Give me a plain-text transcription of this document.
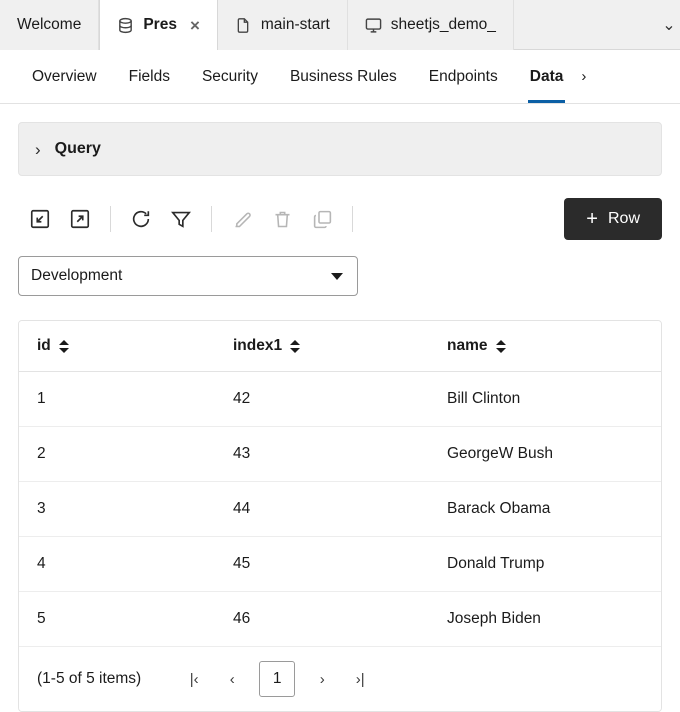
Welcome	Pres ×	main-start	sheetjs_demo_	⌄
Overview	Fields	Security	Business Rules	Endpoints	Data	›
› Query
+ Row
Development
id	index1	name

1	42	Bill Clinton
2	43	GeorgeW Bush
3	44	Barack Obama
4	45	Donald Trump
5	46	Joseph Biden
(1-5 of 5 items)	|‹	‹	1	›	›|
